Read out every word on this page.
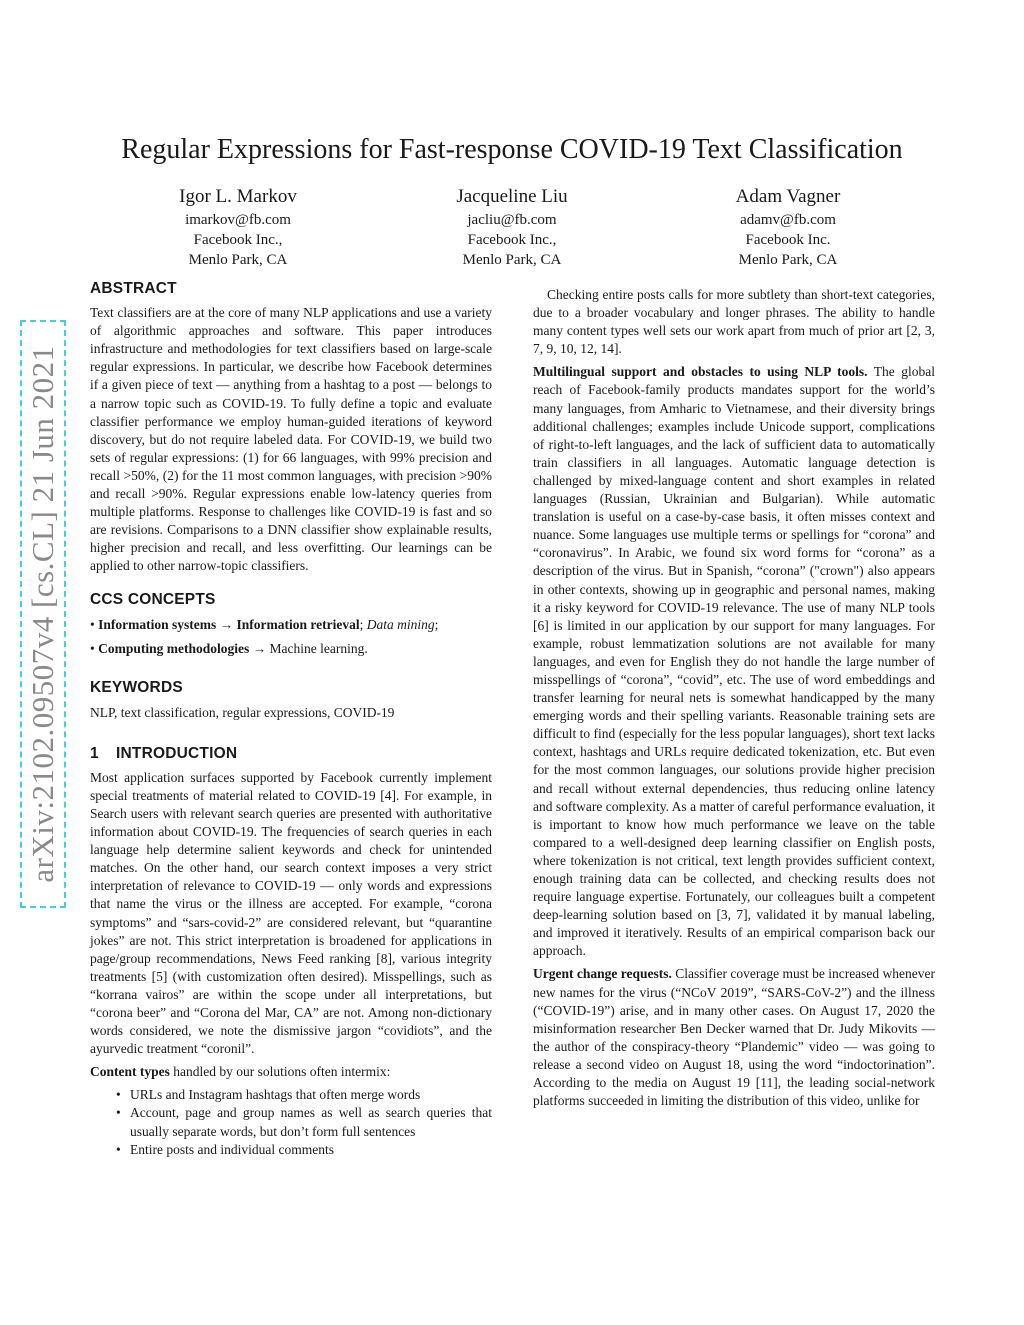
arXiv:2102.09507v4 [cs.CL] 21 Jun 2021
Regular Expressions for Fast-response COVID-19 Text Classification
Igor L. Markov
imarkov@fb.com
Facebook Inc.,
Menlo Park, CA
Jacqueline Liu
jacliu@fb.com
Facebook Inc.,
Menlo Park, CA
Adam Vagner
adamv@fb.com
Facebook Inc.
Menlo Park, CA
ABSTRACT

Text classifiers are at the core of many NLP applications and use a variety of algorithmic approaches and software. This paper introduces infrastructure and methodologies for text classifiers based on large-scale regular expressions. In particular, we describe how Facebook determines if a given piece of text — anything from a hashtag to a post — belongs to a narrow topic such as COVID-19. To fully define a topic and evaluate classifier performance we employ human-guided iterations of keyword discovery, but do not require labeled data. For COVID-19, we build two sets of regular expressions: (1) for 66 languages, with 99% precision and recall >50%, (2) for the 11 most common languages, with precision >90% and recall >90%. Regular expressions enable low-latency queries from multiple platforms. Response to challenges like COVID-19 is fast and so are revisions. Comparisons to a DNN classifier show explainable results, higher precision and recall, and less overfitting. Our learnings can be applied to other narrow-topic classifiers.

CCS CONCEPTS

• Information systems → Information retrieval; Data mining;

• Computing methodologies → Machine learning.

KEYWORDS

NLP, text classification, regular expressions, COVID-19

1 INTRODUCTION

Most application surfaces supported by Facebook currently implement special treatments of material related to COVID-19 [4]. For example, in Search users with relevant search queries are presented with authoritative information about COVID-19. The frequencies of search queries in each language help determine salient keywords and check for unintended matches. On the other hand, our search context imposes a very strict interpretation of relevance to COVID-19 — only words and expressions that name the virus or the illness are accepted. For example, “corona symptoms” and “sars-covid-2” are considered relevant, but “quarantine jokes” are not. This strict interpretation is broadened for applications in page/group recommendations, News Feed ranking [8], various integrity treatments [5] (with customization often desired). Misspellings, such as “korrana vairos” are within the scope under all interpretations, but “corona beer” and “Corona del Mar, CA” are not. Among non-dictionary words considered, we note the dismissive jargon “covidiots”, and the ayurvedic treatment “coronil”.

Content types handled by our solutions often intermix:

• URLs and Instagram hashtags that often merge words
• Account, page and group names as well as search queries that usually separate words, but don’t form full sentences
• Entire posts and individual comments

Checking entire posts calls for more subtlety than short-text categories, due to a broader vocabulary and longer phrases. The ability to handle many content types well sets our work apart from much of prior art [2, 3, 7, 9, 10, 12, 14].

Multilingual support and obstacles to using NLP tools. The global reach of Facebook-family products mandates support for the world’s many languages, from Amharic to Vietnamese, and their diversity brings additional challenges; examples include Unicode support, complications of right-to-left languages, and the lack of sufficient data to automatically train classifiers in all languages. Automatic language detection is challenged by mixed-language content and short examples in related languages (Russian, Ukrainian and Bulgarian). While automatic translation is useful on a case-by-case basis, it often misses context and nuance. Some languages use multiple terms or spellings for “corona” and “coronavirus”. In Arabic, we found six word forms for “corona” as a description of the virus. But in Spanish, “corona” ("crown") also appears in other contexts, showing up in geographic and personal names, making it a risky keyword for COVID-19 relevance. The use of many NLP tools [6] is limited in our application by our support for many languages. For example, robust lemmatization solutions are not available for many languages, and even for English they do not handle the large number of misspellings of “corona”, “covid”, etc. The use of word embeddings and transfer learning for neural nets is somewhat handicapped by the many emerging words and their spelling variants. Reasonable training sets are difficult to find (especially for the less popular languages), short text lacks context, hashtags and URLs require dedicated tokenization, etc. But even for the most common languages, our solutions provide higher precision and recall without external dependencies, thus reducing online latency and software complexity. As a matter of careful performance evaluation, it is important to know how much performance we leave on the table compared to a well-designed deep learning classifier on English posts, where tokenization is not critical, text length provides sufficient context, enough training data can be collected, and checking results does not require language expertise. Fortunately, our colleagues built a competent deep-learning solution based on [3, 7], validated it by manual labeling, and improved it iteratively. Results of an empirical comparison back our approach.

Urgent change requests. Classifier coverage must be increased whenever new names for the virus (“NCoV 2019”, “SARS-CoV-2”) and the illness (“COVID-19”) arise, and in many other cases. On August 17, 2020 the misinformation researcher Ben Decker warned that Dr. Judy Mikovits — the author of the conspiracy-theory “Plandemic” video — was going to release a second video on August 18, using the word “indoctorination”. According to the media on August 19 [11], the leading social-network platforms succeeded in limiting the distribution of this video, unlike for
